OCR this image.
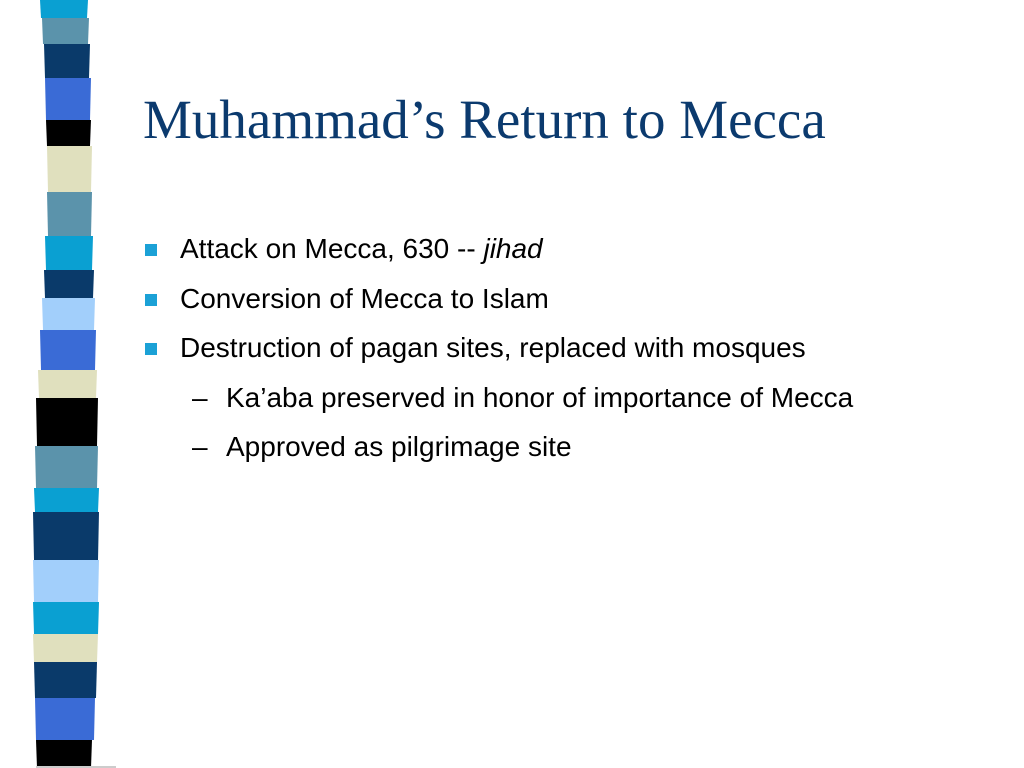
Muhammad’s Return to Mecca
Attack on Mecca, 630 -- jihad
Conversion of Mecca to Islam
Destruction of pagan sites, replaced with mosques
– Ka’aba preserved in honor of importance of Mecca
– Approved as pilgrimage site
